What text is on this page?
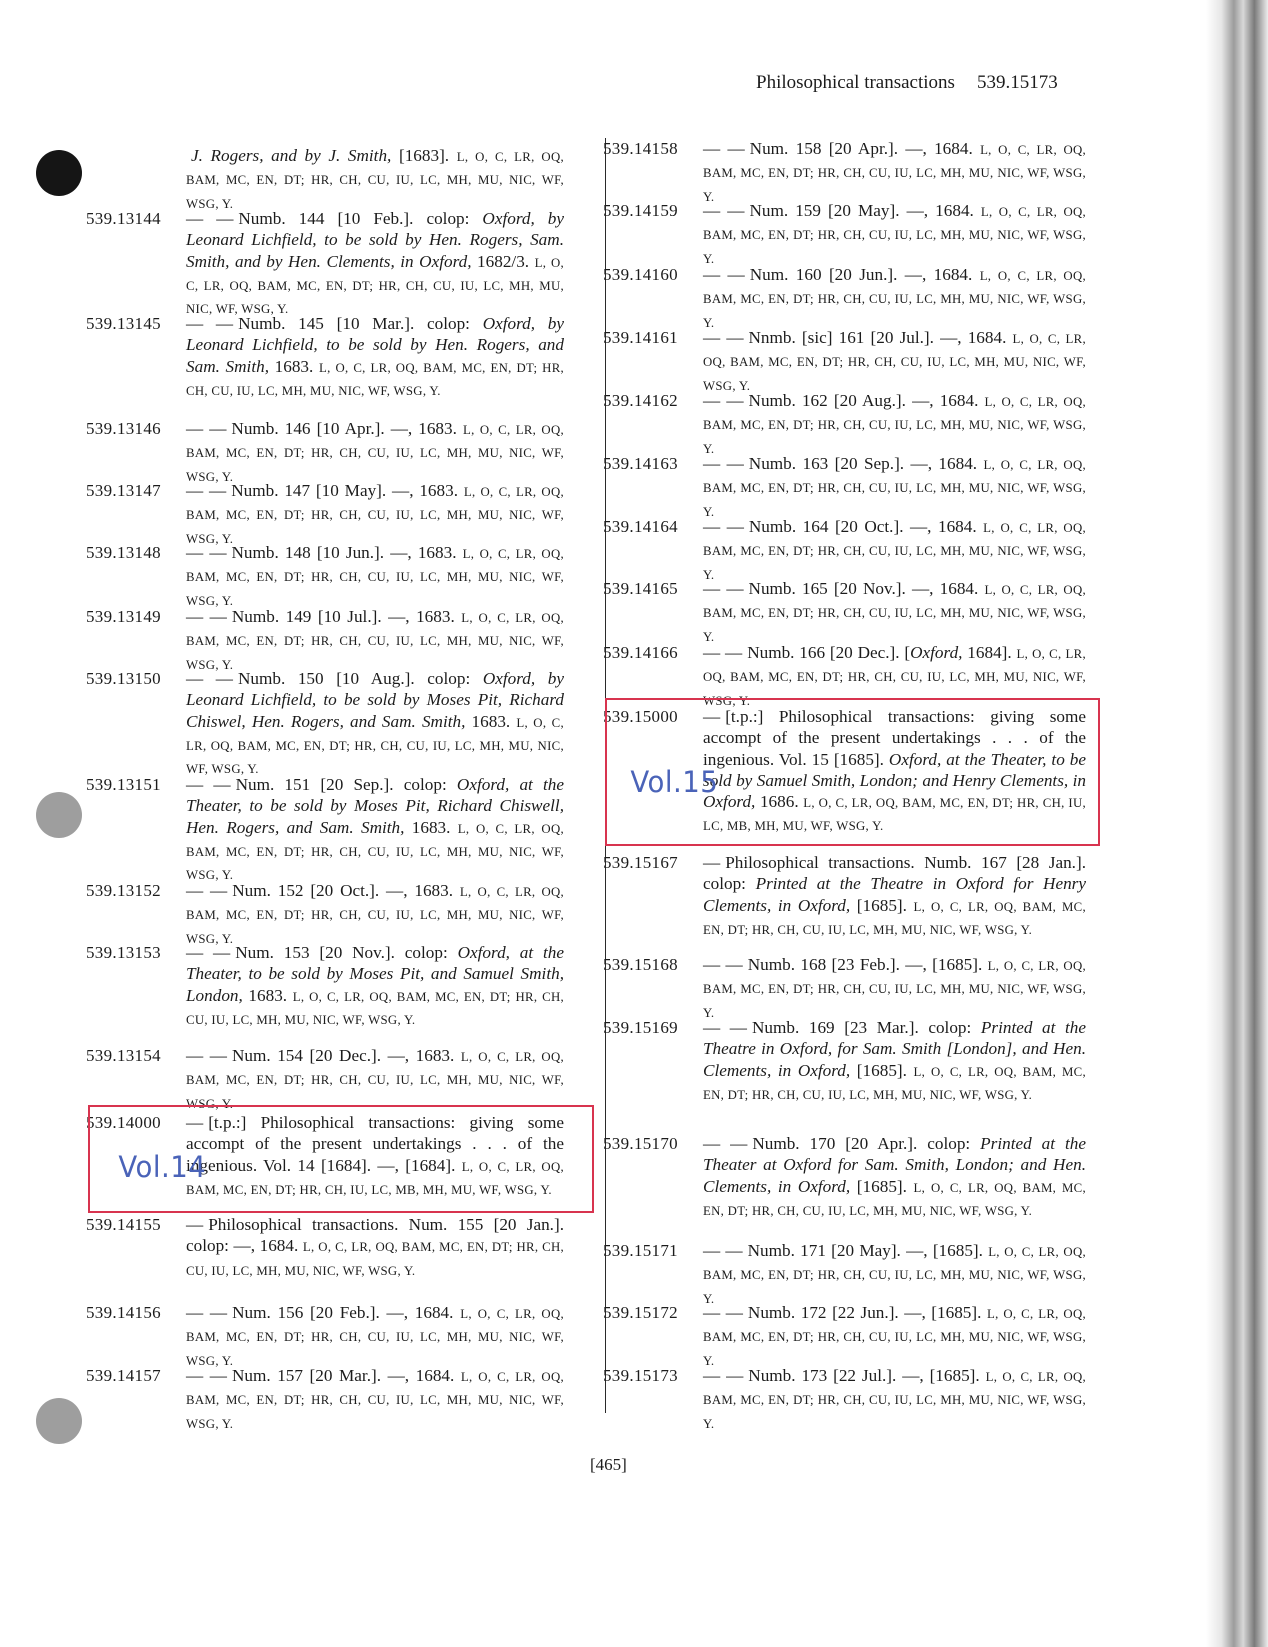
Philosophical transactions 539.15173
J. Rogers, and by J. Smith, [1683]. L, O, C, LR, OQ, BAM, MC, EN, DT; HR, CH, CU, IU, LC, MH, MU, NIC, WF, WSG, Y.
539.13144 — — Numb. 144 [10 Feb.]. colop: Oxford, by Leonard Lichfield, to be sold by Hen. Rogers, Sam. Smith, and by Hen. Clements, in Oxford, 1682/3. L, O, C, LR, OQ, BAM, MC, EN, DT; HR, CH, CU, IU, LC, MH, MU, NIC, WF, WSG, Y.
539.13145 — — Numb. 145 [10 Mar.]. colop: Oxford, by Leonard Lichfield, to be sold by Hen. Rogers, and Sam. Smith, 1683. L, O, C, LR, OQ, BAM, MC, EN, DT; HR, CH, CU, IU, LC, MH, MU, NIC, WF, WSG, Y.
539.13146 — — Numb. 146 [10 Apr.]. —, 1683. L, O, C, LR, OQ, BAM, MC, EN, DT; HR, CH, CU, IU, LC, MH, MU, NIC, WF, WSG, Y.
539.13147 — — Numb. 147 [10 May]. —, 1683. L, O, C, LR, OQ, BAM, MC, EN, DT; HR, CH, CU, IU, LC, MH, MU, NIC, WF, WSG, Y.
539.13148 — — Numb. 148 [10 Jun.]. —, 1683. L, O, C, LR, OQ, BAM, MC, EN, DT; HR, CH, CU, IU, LC, MH, MU, NIC, WF, WSG, Y.
539.13149 — — Numb. 149 [10 Jul.]. —, 1683. L, O, C, LR, OQ, BAM, MC, EN, DT; HR, CH, CU, IU, LC, MH, MU, NIC, WF, WSG, Y.
539.13150 — — Numb. 150 [10 Aug.]. colop: Oxford, by Leonard Lichfield, to be sold by Moses Pit, Richard Chiswel, Hen. Rogers, and Sam. Smith, 1683. L, O, C, LR, OQ, BAM, MC, EN, DT; HR, CH, CU, IU, LC, MH, MU, NIC, WF, WSG, Y.
539.13151 — — Num. 151 [20 Sep.]. colop: Oxford, at the Theater, to be sold by Moses Pit, Richard Chiswell, Hen. Rogers, and Sam. Smith, 1683. L, O, C, LR, OQ, BAM, MC, EN, DT; HR, CH, CU, IU, LC, MH, MU, NIC, WF, WSG, Y.
539.13152 — — Num. 152 [20 Oct.]. —, 1683. L, O, C, LR, OQ, BAM, MC, EN, DT; HR, CH, CU, IU, LC, MH, MU, NIC, WF, WSG, Y.
539.13153 — — Num. 153 [20 Nov.]. colop: Oxford, at the Theater, to be sold by Moses Pit, and Samuel Smith, London, 1683. L, O, C, LR, OQ, BAM, MC, EN, DT; HR, CH, CU, IU, LC, MH, MU, NIC, WF, WSG, Y.
539.13154 — — Num. 154 [20 Dec.]. —, 1683. L, O, C, LR, OQ, BAM, MC, EN, DT; HR, CH, CU, IU, LC, MH, MU, NIC, WF, WSG, Y.
539.14000 — [t.p.:] Philosophical transactions: giving some accompt of the present undertakings . . . of the ingenious. Vol. 14 [1684]. —, [1684]. L, O, C, LR, OQ, BAM, MC, EN, DT; HR, CH, IU, LC, MB, MH, MU, WF, WSG, Y.
539.14155 — Philosophical transactions. Num. 155 [20 Jan.]. colop: —, 1684. L, O, C, LR, OQ, BAM, MC, EN, DT; HR, CH, CU, IU, LC, MH, MU, NIC, WF, WSG, Y.
539.14156 — — Num. 156 [20 Feb.]. —, 1684. L, O, C, LR, OQ, BAM, MC, EN, DT; HR, CH, CU, IU, LC, MH, MU, NIC, WF, WSG, Y.
539.14157 — — Num. 157 [20 Mar.]. —, 1684. L, O, C, LR, OQ, BAM, MC, EN, DT; HR, CH, CU, IU, LC, MH, MU, NIC, WF, WSG, Y.
539.14158 — — Num. 158 [20 Apr.]. —, 1684. L, O, C, LR, OQ, BAM, MC, EN, DT; HR, CH, CU, IU, LC, MH, MU, NIC, WF, WSG, Y.
539.14159 — — Num. 159 [20 May]. —, 1684. L, O, C, LR, OQ, BAM, MC, EN, DT; HR, CH, CU, IU, LC, MH, MU, NIC, WF, WSG, Y.
539.14160 — — Num. 160 [20 Jun.]. —, 1684. L, O, C, LR, OQ, BAM, MC, EN, DT; HR, CH, CU, IU, LC, MH, MU, NIC, WF, WSG, Y.
539.14161 — — Nnmb. [sic] 161 [20 Jul.]. —, 1684. L, O, C, LR, OQ, BAM, MC, EN, DT; HR, CH, CU, IU, LC, MH, MU, NIC, WF, WSG, Y.
539.14162 — — Numb. 162 [20 Aug.]. —, 1684. L, O, C, LR, OQ, BAM, MC, EN, DT; HR, CH, CU, IU, LC, MH, MU, NIC, WF, WSG, Y.
539.14163 — — Numb. 163 [20 Sep.]. —, 1684. L, O, C, LR, OQ, BAM, MC, EN, DT; HR, CH, CU, IU, LC, MH, MU, NIC, WF, WSG, Y.
539.14164 — — Numb. 164 [20 Oct.]. —, 1684. L, O, C, LR, OQ, BAM, MC, EN, DT; HR, CH, CU, IU, LC, MH, MU, NIC, WF, WSG, Y.
539.14165 — — Numb. 165 [20 Nov.]. —, 1684. L, O, C, LR, OQ, BAM, MC, EN, DT; HR, CH, CU, IU, LC, MH, MU, NIC, WF, WSG, Y.
539.14166 — — Numb. 166 [20 Dec.]. [Oxford, 1684]. L, O, C, LR, OQ, BAM, MC, EN, DT; HR, CH, CU, IU, LC, MH, MU, NIC, WF, WSG, Y.
539.15000 — [t.p.:] Philosophical transactions: giving some accompt of the present undertakings . . . of the ingenious. Vol. 15 [1685]. Oxford, at the Theater, to be sold by Samuel Smith, London; and Henry Clements, in Oxford, 1686. L, O, C, LR, OQ, BAM, MC, EN, DT; HR, CH, IU, LC, MB, MH, MU, WF, WSG, Y.
539.15167 — Philosophical transactions. Numb. 167 [28 Jan.]. colop: Printed at the Theatre in Oxford for Henry Clements, in Oxford, [1685]. L, O, C, LR, OQ, BAM, MC, EN, DT; HR, CH, CU, IU, LC, MH, MU, NIC, WF, WSG, Y.
539.15168 — — Numb. 168 [23 Feb.]. —, [1685]. L, O, C, LR, OQ, BAM, MC, EN, DT; HR, CH, CU, IU, LC, MH, MU, NIC, WF, WSG, Y.
539.15169 — — Numb. 169 [23 Mar.]. colop: Printed at the Theatre in Oxford, for Sam. Smith [London], and Hen. Clements, in Oxford, [1685]. L, O, C, LR, OQ, BAM, MC, EN, DT; HR, CH, CU, IU, LC, MH, MU, NIC, WF, WSG, Y.
539.15170 — — Numb. 170 [20 Apr.]. colop: Printed at the Theater at Oxford for Sam. Smith, London; and Hen. Clements, in Oxford, [1685]. L, O, C, LR, OQ, BAM, MC, EN, DT; HR, CH, CU, IU, LC, MH, MU, NIC, WF, WSG, Y.
539.15171 — — Numb. 171 [20 May]. —, [1685]. L, O, C, LR, OQ, BAM, MC, EN, DT; HR, CH, CU, IU, LC, MH, MU, NIC, WF, WSG, Y.
539.15172 — — Numb. 172 [22 Jun.]. —, [1685]. L, O, C, LR, OQ, BAM, MC, EN, DT; HR, CH, CU, IU, LC, MH, MU, NIC, WF, WSG, Y.
539.15173 — — Numb. 173 [22 Jul.]. —, [1685]. L, O, C, LR, OQ, BAM, MC, EN, DT; HR, CH, CU, IU, LC, MH, MU, NIC, WF, WSG, Y.
Vol.14
Vol.15
[465]
